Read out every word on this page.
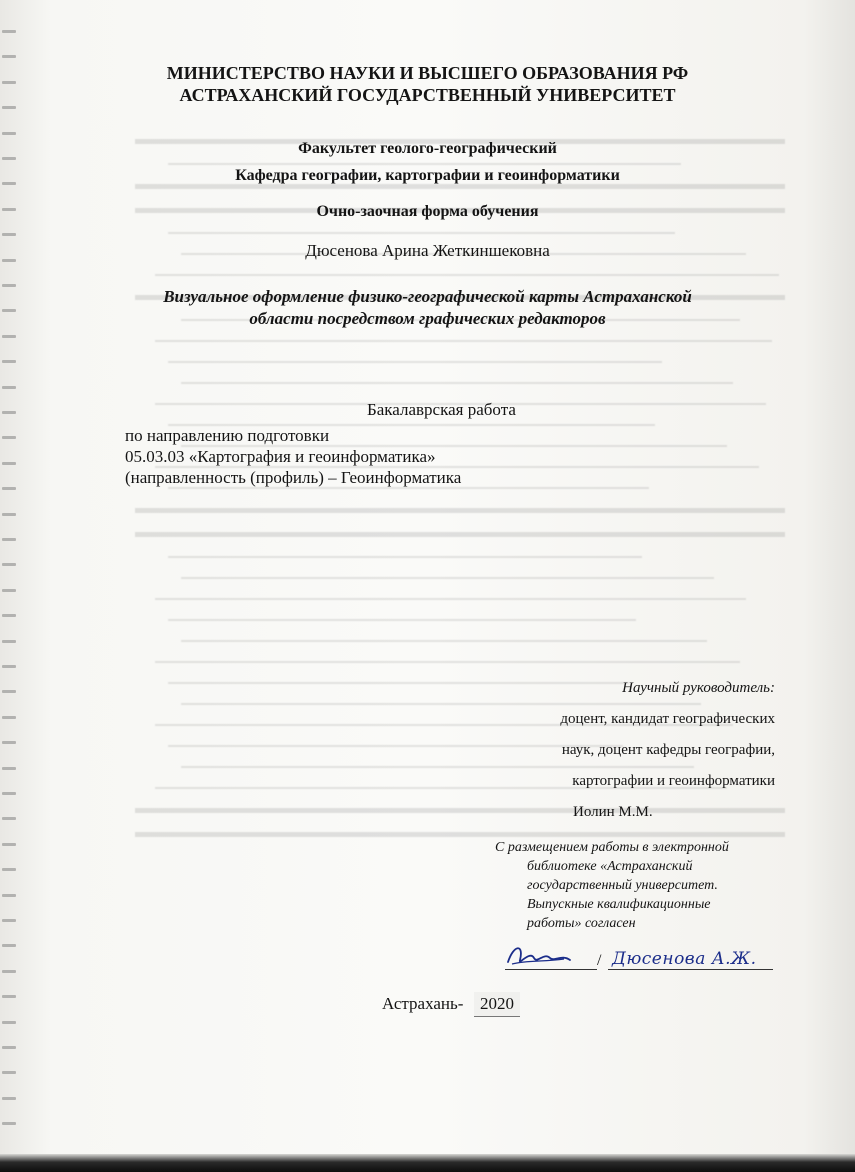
МИНИСТЕРСТВО НАУКИ И ВЫСШЕГО ОБРАЗОВАНИЯ РФ
АСТРАХАНСКИЙ ГОСУДАРСТВЕННЫЙ УНИВЕРСИТЕТ
Факультет геолого-географический
Кафедра географии, картографии и геоинформатики
Очно-заочная форма обучения
Дюсенова Арина Жеткиншековна
Визуальное оформление физико-географической карты Астраханской
области посредством графических редакторов
Бакалаврская работа
по направлению подготовки
05.03.03 «Картография и геоинформатика»
(направленность (профиль) – Геоинформатика
Научный руководитель:
доцент, кандидат географических
наук, доцент кафедры географии,
картографии и геоинформатики
Иолин М.М.
С размещением работы в электронной
библиотеке «Астраханский
государственный университет.
Выпускные квалификационные
работы» согласен
/ Дюсенова А.Ж.
Астрахань- 2020
